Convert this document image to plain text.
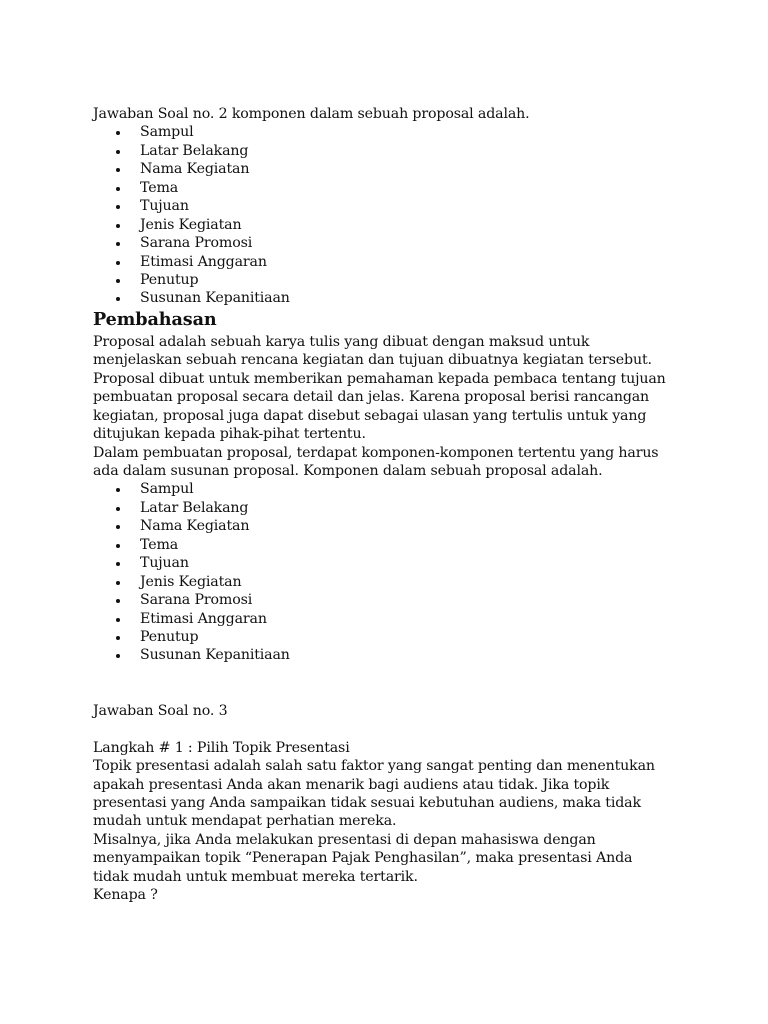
Jawaban Soal no. 2 komponen dalam sebuah proposal adalah.

Sampul
Latar Belakang
Nama Kegiatan
Tema
Tujuan
Jenis Kegiatan
Sarana Promosi
Etimasi Anggaran
Penutup
Susunan Kepanitiaan
Pembahasan

Proposal adalah sebuah karya tulis yang dibuat dengan maksud untuk

menjelaskan sebuah rencana kegiatan dan tujuan dibuatnya kegiatan tersebut.

Proposal dibuat untuk memberikan pemahaman kepada pembaca tentang tujuan

pembuatan proposal secara detail dan jelas. Karena proposal berisi rancangan

kegiatan, proposal juga dapat disebut sebagai ulasan yang tertulis untuk yang

ditujukan kepada pihak-pihat tertentu.

Dalam pembuatan proposal, terdapat komponen-komponen tertentu yang harus

ada dalam susunan proposal. Komponen dalam sebuah proposal adalah.

Sampul
Latar Belakang
Nama Kegiatan
Tema
Tujuan
Jenis Kegiatan
Sarana Promosi
Etimasi Anggaran
Penutup
Susunan Kepanitiaan

Jawaban Soal no. 3

Langkah # 1 : Pilih Topik Presentasi

Topik presentasi adalah salah satu faktor yang sangat penting dan menentukan

apakah presentasi Anda akan menarik bagi audiens atau tidak. Jika topik

presentasi yang Anda sampaikan tidak sesuai kebutuhan audiens, maka tidak

mudah untuk mendapat perhatian mereka.

Misalnya, jika Anda melakukan presentasi di depan mahasiswa dengan

menyampaikan topik “Penerapan Pajak Penghasilan”, maka presentasi Anda

tidak mudah untuk membuat mereka tertarik.

Kenapa ?
